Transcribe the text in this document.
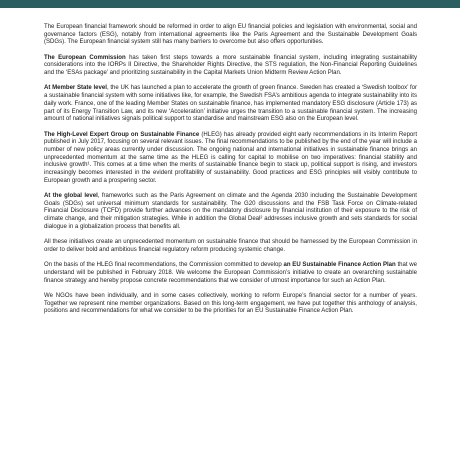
The European financial framework should be reformed in order to align EU financial policies and legislation with environmental, social and governance factors (ESG), notably from international agreements like the Paris Agreement and the Sustainable Development Goals (SDGs). The European financial system still has many barriers to overcome but also offers opportunities.

The European Commission has taken first steps towards a more sustainable financial system, including integrating sustainability considerations into the IORPs II Directive, the Shareholder Rights Directive, the STS regulation, the Non-Financial Reporting Guidelines and the ‘ESAs package’ and prioritizing sustainability in the Capital Markets Union Midterm Review Action Plan.

At Member State level, the UK has launched a plan to accelerate the growth of green finance. Sweden has created a ‘Swedish toolbox’ for a sustainable financial system with some initiatives like, for example, the Swedish FSA’s ambitious agenda to integrate sustainability into its daily work. France, one of the leading Member States on sustainable finance, has implemented mandatory ESG disclosure (Article 173) as part of its Energy Transition Law, and its new ‘Acceleration’ initiative urges the transition to a sustainable financial system. The increasing amount of national initiatives signals political support to standardise and mainstream ESG also on the European level.

The High-Level Expert Group on Sustainable Finance (HLEG) has already provided eight early recommendations in its Interim Report published in July 2017, focusing on several relevant issues. The final recommendations to be published by the end of the year will include a number of new policy areas currently under discussion. The ongoing national and international initiatives in sustainable finance brings an unprecedented momentum at the same time as the HLEG is calling for capital to mobilise on two imperatives: financial stability and inclusive growth¹. This comes at a time when the merits of sustainable finance begin to stack up, political support is rising, and investors increasingly becomes interested in the evident profitability of sustainability. Good practices and ESG principles will visibly contribute to European growth and a prospering sector.

At the global level, frameworks such as the Paris Agreement on climate and the Agenda 2030 including the Sustainable Development Goals (SDGs) set universal minimum standards for sustainability. The G20 discussions and the FSB Task Force on Climate-related Financial Disclosure (TCFD) provide further advances on the mandatory disclosure by financial institution of their exposure to the risk of climate change, and their mitigation strategies. While in addition the Global Deal² addresses inclusive growth and sets standards for social dialogue in a globalization process that benefits all.

All these initiatives create an unprecedented momentum on sustainable finance that should be harnessed by the European Commission in order to deliver bold and ambitious financial regulatory reform producing systemic change.

On the basis of the HLEG final recommendations, the Commission committed to develop an EU Sustainable Finance Action Plan that we understand will be published in February 2018. We welcome the European Commission’s initiative to create an overarching sustainable finance strategy and hereby propose concrete recommendations that we consider of utmost importance for such an Action Plan.

We NGOs have been individually, and in some cases collectively, working to reform Europe’s financial sector for a number of years. Together we represent nine member organizations. Based on this long-term engagement, we have put together this anthology of analysis, positions and recommendations for what we consider to be the priorities for an EU Sustainable Finance Action Plan.
